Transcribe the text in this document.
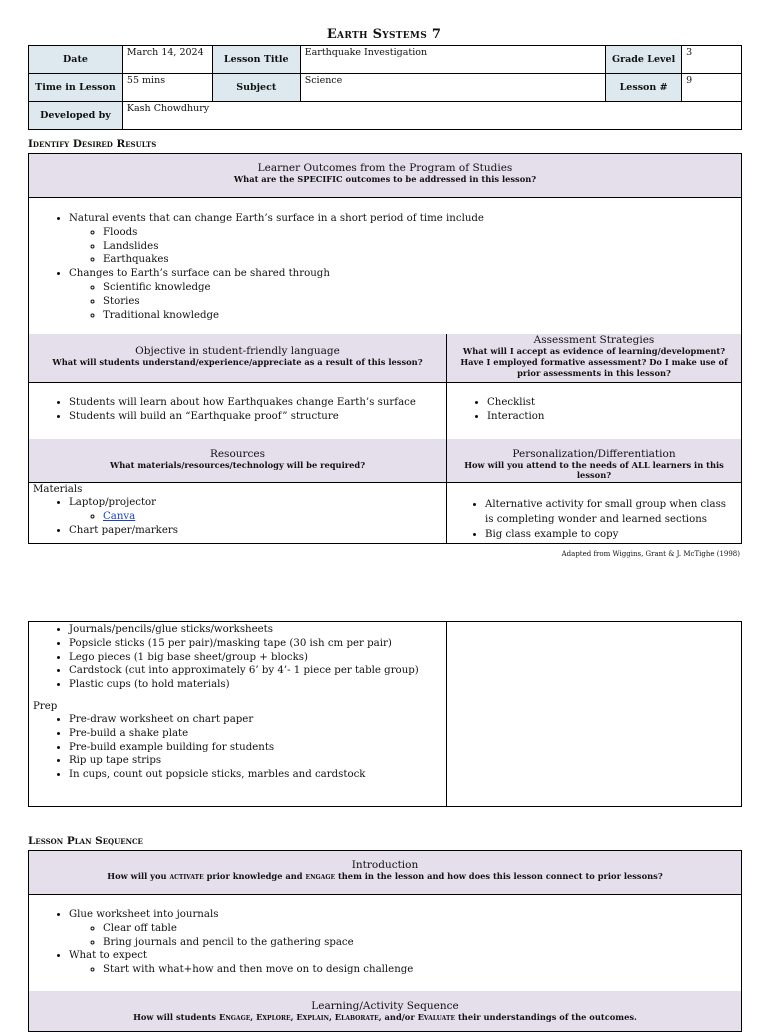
Earth Systems 7
Date	March 14, 2024	Lesson Title	Earthquake Investigation	Grade Level	3
Time in Lesson	55 mins	Subject	Science	Lesson #	9
Developed by	Kash Chowdhury				
Identify Desired Results
Learner Outcomes from the Program of Studies
What are the SPECIFIC outcomes to be addressed in this lesson?
• Natural events that can change Earth’s surface in a short period of time include
◦ Floods
◦ Landslides
◦ Earthquakes
• Changes to Earth’s surface can be shared through
◦ Scientific knowledge
◦ Stories
◦ Traditional knowledge
Objective in student-friendly language
What will students understand/experience/appreciate as a result of this lesson?
Assessment Strategies
What will I accept as evidence of learning/development? Have I employed formative assessment? Do I make use of prior assessments in this lesson?
• Students will learn about how Earthquakes change Earth’s surface
• Students will build an “Earthquake proof” structure
• Checklist
• Interaction
Resources
What materials/resources/technology will be required?
Personalization/Differentiation
How will you attend to the needs of ALL learners in this lesson?
Materials
• Laptop/projector
◦ Canva
• Chart paper/markers
• Alternative activity for small group when class is completing wonder and learned sections
• Big class example to copy
Adapted from Wiggins, Grant & J. McTighe (1998)
• Journals/pencils/glue sticks/worksheets
• Popsicle sticks (15 per pair)/masking tape (30 ish cm per pair)
• Lego pieces (1 big base sheet/group + blocks)
• Cardstock (cut into approximately 6’ by 4’- 1 piece per table group)
• Plastic cups (to hold materials)
Prep
• Pre-draw worksheet on chart paper
• Pre-build a shake plate
• Pre-build example building for students
• Rip up tape strips
• In cups, count out popsicle sticks, marbles and cardstock
Lesson Plan Sequence
Introduction
How will you activate prior knowledge and engage them in the lesson and how does this lesson connect to prior lessons?
• Glue worksheet into journals
◦ Clear off table
◦ Bring journals and pencil to the gathering space
• What to expect
◦ Start with what+how and then move on to design challenge
Learning/Activity Sequence
How will students Engage, Explore, Explain, Elaborate, and/or Evaluate their understandings of the outcomes.
